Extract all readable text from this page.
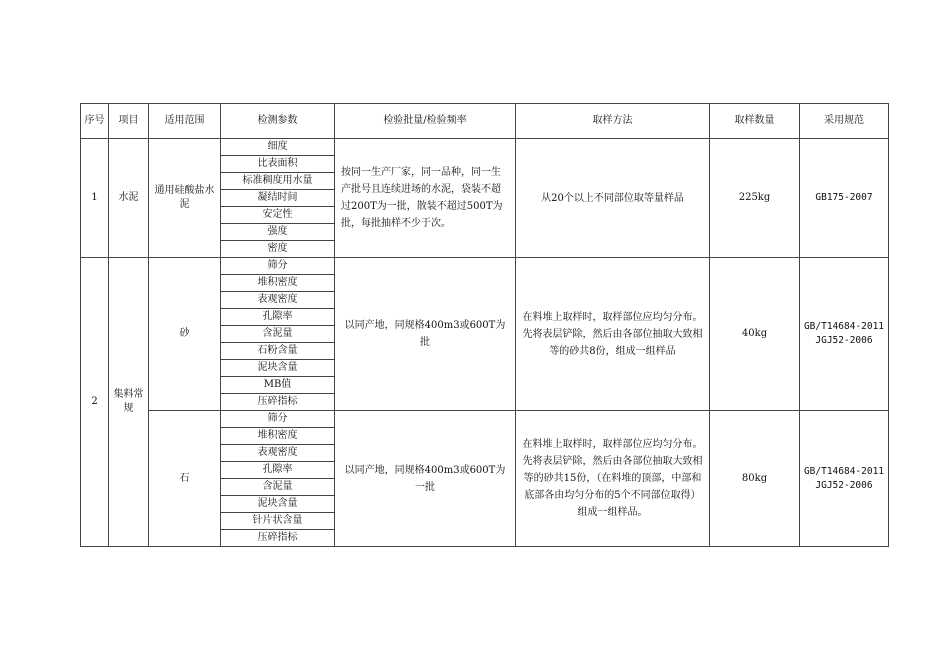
序号	项目	适用范围	检测参数	检验批量/检验频率	取样方法	取样数量	采用规范
1	水泥	通用硅酸盐水泥	细度	按同一生产厂家，同一品种，同一生产批号且连续进场的水泥，袋装不超过200T为一批，散装不超过500T为批，每批抽样不少于次。	从20个以上不同部位取等量样品	225kg	GB175-2007
			比表面积				
			标准稠度用水量				
			凝结时间				
			安定性				
			强度				
			密度				
2	集料常规	砂	筛分	以同产地，同规格400m3或600T为批	在料堆上取样时，取样部位应均匀分布。先将表层铲除，然后由各部位抽取大致相等的砂共8份，组成一组样品	40kg	GB/T14684-2011
JGJ52-2006

			堆积密度				
			表观密度				
			孔隙率				
			含泥量				
			石粉含量				
			泥块含量				
			MB值				
			压碎指标				
		石	筛分	以同产地，同规格400m3或600T为一批	在料堆上取样时，取样部位应均匀分布。先将表层铲除，然后由各部位抽取大致相等的砂共15份，（在料堆的顶部，中部和底部各由均匀分布的5个不同部位取得）组成一组样品。	80kg	GB/T14684-2011
JGJ52-2006

			堆积密度				
			表观密度				
			孔隙率				
			含泥量				
			泥块含量				
			针片状含量				
			压碎指标				
